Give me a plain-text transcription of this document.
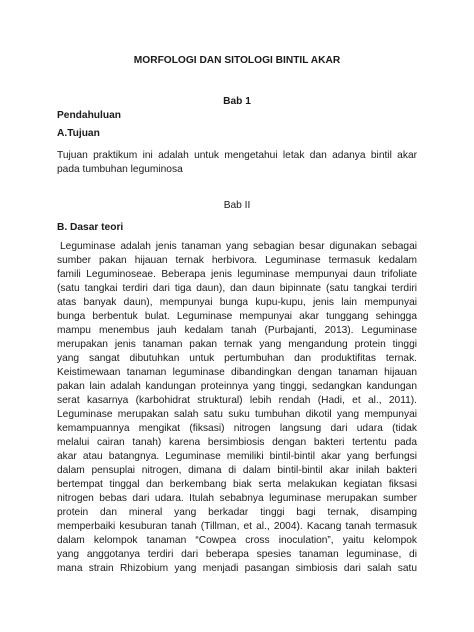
MORFOLOGI DAN SITOLOGI BINTIL AKAR
Bab 1
Pendahuluan
A.Tujuan
Tujuan praktikum ini adalah untuk mengetahui letak dan adanya bintil akar
pada tumbuhan leguminosa
Bab II
B. Dasar teori
Leguminase adalah jenis tanaman yang sebagian besar digunakan sebagai
sumber pakan hijauan ternak herbivora. Leguminase termasuk kedalam
famili Leguminoseae. Beberapa jenis leguminase mempunyai daun trifoliate
(satu tangkai terdiri dari tiga daun), dan daun bipinnate (satu tangkai terdiri
atas banyak daun), mempunyai bunga kupu-kupu, jenis lain mempunyai
bunga berbentuk bulat. Leguminase mempunyai akar tunggang sehingga
mampu menembus jauh kedalam tanah (Purbajanti, 2013). Leguminase
merupakan jenis tanaman pakan ternak yang mengandung protein tinggi
yang sangat dibutuhkan untuk pertumbuhan dan produktifitas ternak.
Keistimewaan tanaman leguminase dibandingkan dengan tanaman hijauan
pakan lain adalah kandungan proteinnya yang tinggi, sedangkan kandungan
serat kasarnya (karbohidrat struktural) lebih rendah (Hadi, et al., 2011).
Leguminase merupakan salah satu suku tumbuhan dikotil yang mempunyai
kemampuannya mengikat (fiksasi) nitrogen langsung dari udara (tidak
melalui cairan tanah) karena bersimbiosis dengan bakteri tertentu pada
akar atau batangnya. Leguminase memiliki bintil-bintil akar yang berfungsi
dalam pensuplai nitrogen, dimana di dalam bintil-bintil akar inilah bakteri
bertempat tinggal dan berkembang biak serta melakukan kegiatan fiksasi
nitrogen bebas dari udara. Itulah sebabnya leguminase merupakan sumber
protein dan mineral yang berkadar tinggi bagi ternak, disamping
memperbaiki kesuburan tanah (Tillman, et al., 2004). Kacang tanah termasuk
dalam kelompok tanaman “Cowpea cross inoculation”, yaitu kelompok
yang anggotanya terdiri dari beberapa spesies tanaman leguminase, di
mana strain Rhizobium yang menjadi pasangan simbiosis dari salah satu
